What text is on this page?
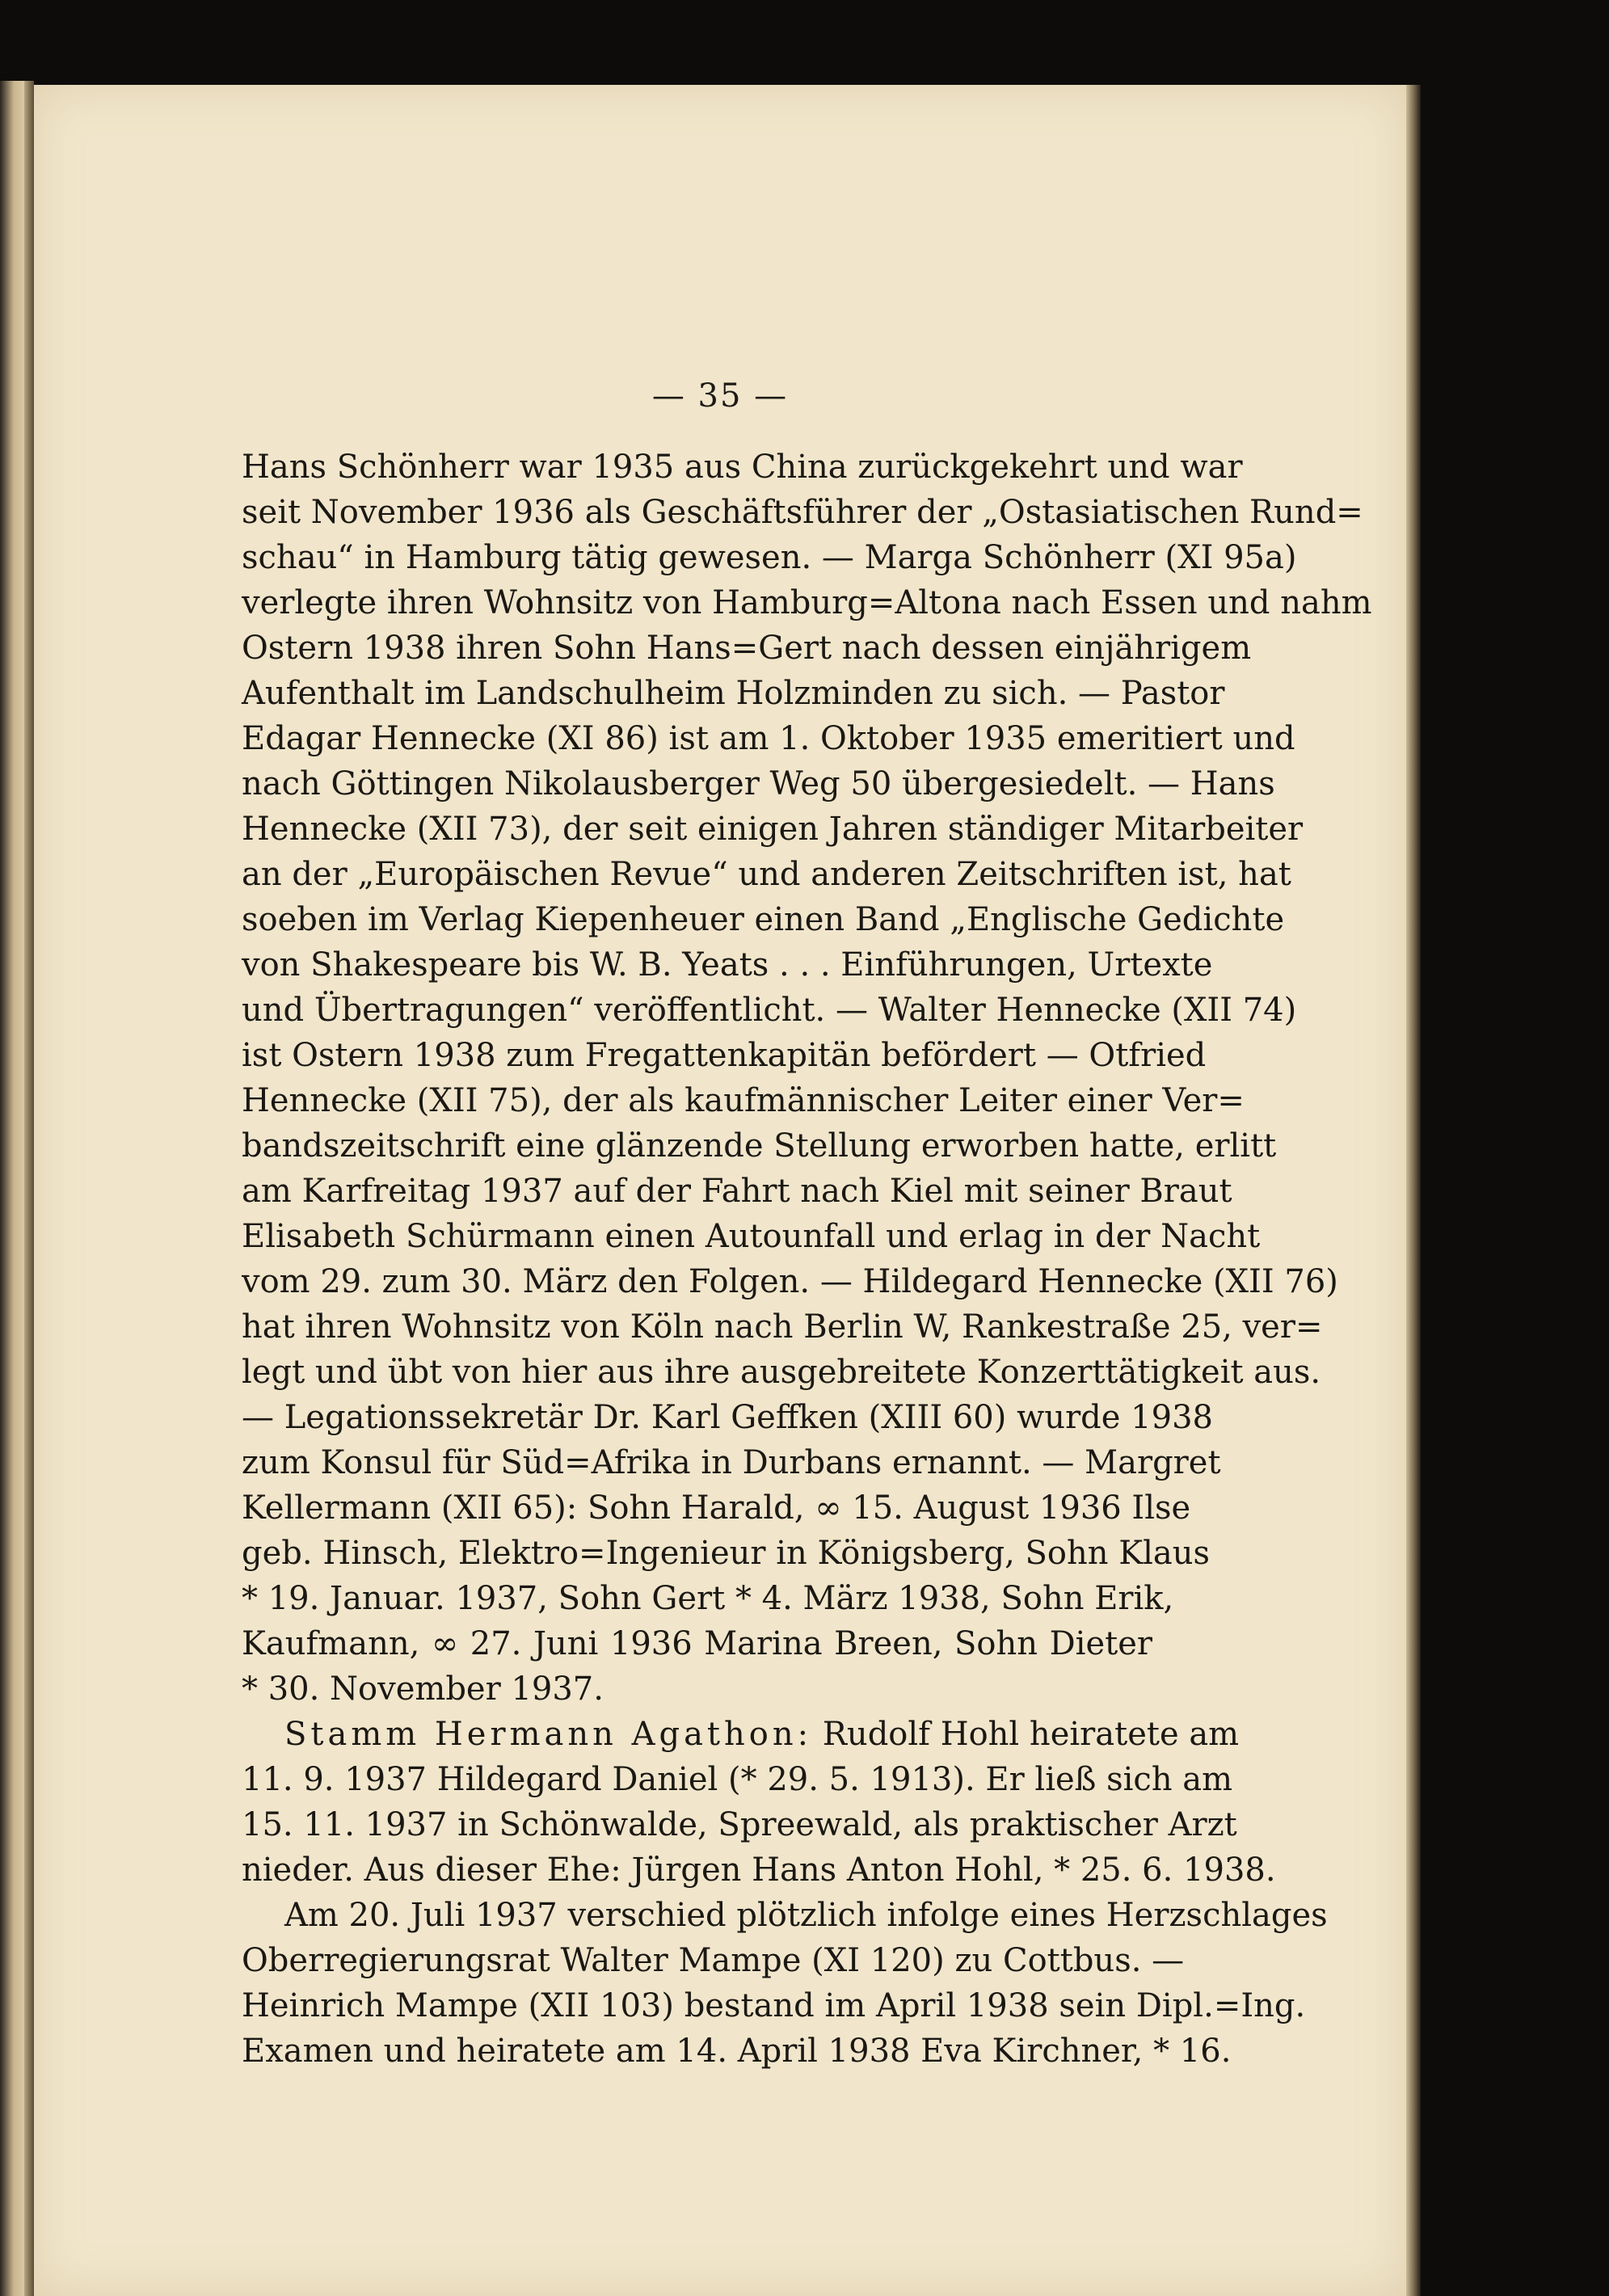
— 35 —
Hans Schönherr war 1935 aus China zurückgekehrt und war
seit November 1936 als Geschäftsführer der „Ostasiatischen Rund=
schau“ in Hamburg tätig gewesen. — Marga Schönherr (XI 95a)
verlegte ihren Wohnsitz von Hamburg=Altona nach Essen und nahm
Ostern 1938 ihren Sohn Hans=Gert nach dessen einjährigem
Aufenthalt im Landschulheim Holzminden zu sich. — Pastor
Edagar Hennecke (XI 86) ist am 1. Oktober 1935 emeritiert und
nach Göttingen Nikolausberger Weg 50 übergesiedelt. — Hans
Hennecke (XII 73), der seit einigen Jahren ständiger Mitarbeiter
an der „Europäischen Revue“ und anderen Zeitschriften ist, hat
soeben im Verlag Kiepenheuer einen Band „Englische Gedichte
von Shakespeare bis W. B. Yeats . . . Einführungen, Urtexte
und Übertragungen“ veröffentlicht. — Walter Hennecke (XII 74)
ist Ostern 1938 zum Fregattenkapitän befördert — Otfried
Hennecke (XII 75), der als kaufmännischer Leiter einer Ver=
bandszeitschrift eine glänzende Stellung erworben hatte, erlitt
am Karfreitag 1937 auf der Fahrt nach Kiel mit seiner Braut
Elisabeth Schürmann einen Autounfall und erlag in der Nacht
vom 29. zum 30. März den Folgen. — Hildegard Hennecke (XII 76)
hat ihren Wohnsitz von Köln nach Berlin W, Rankestraße 25, ver=
legt und übt von hier aus ihre ausgebreitete Konzerttätigkeit aus.
— Legationssekretär Dr. Karl Geffken (XIII 60) wurde 1938
zum Konsul für Süd=Afrika in Durbans ernannt. — Margret
Kellermann (XII 65): Sohn Harald, ∞ 15. August 1936 Ilse
geb. Hinsch, Elektro=Ingenieur in Königsberg, Sohn Klaus
* 19. Januar. 1937, Sohn Gert * 4. März 1938, Sohn Erik,
Kaufmann, ∞ 27. Juni 1936 Marina Breen, Sohn Dieter
* 30. November 1937.
Stamm Hermann Agathon: Rudolf Hohl heiratete am
11. 9. 1937 Hildegard Daniel (* 29. 5. 1913). Er ließ sich am
15. 11. 1937 in Schönwalde, Spreewald, als praktischer Arzt
nieder. Aus dieser Ehe: Jürgen Hans Anton Hohl, * 25. 6. 1938.
Am 20. Juli 1937 verschied plötzlich infolge eines Herzschlages
Oberregierungsrat Walter Mampe (XI 120) zu Cottbus. —
Heinrich Mampe (XII 103) bestand im April 1938 sein Dipl.=Ing.
Examen und heiratete am 14. April 1938 Eva Kirchner, * 16.
